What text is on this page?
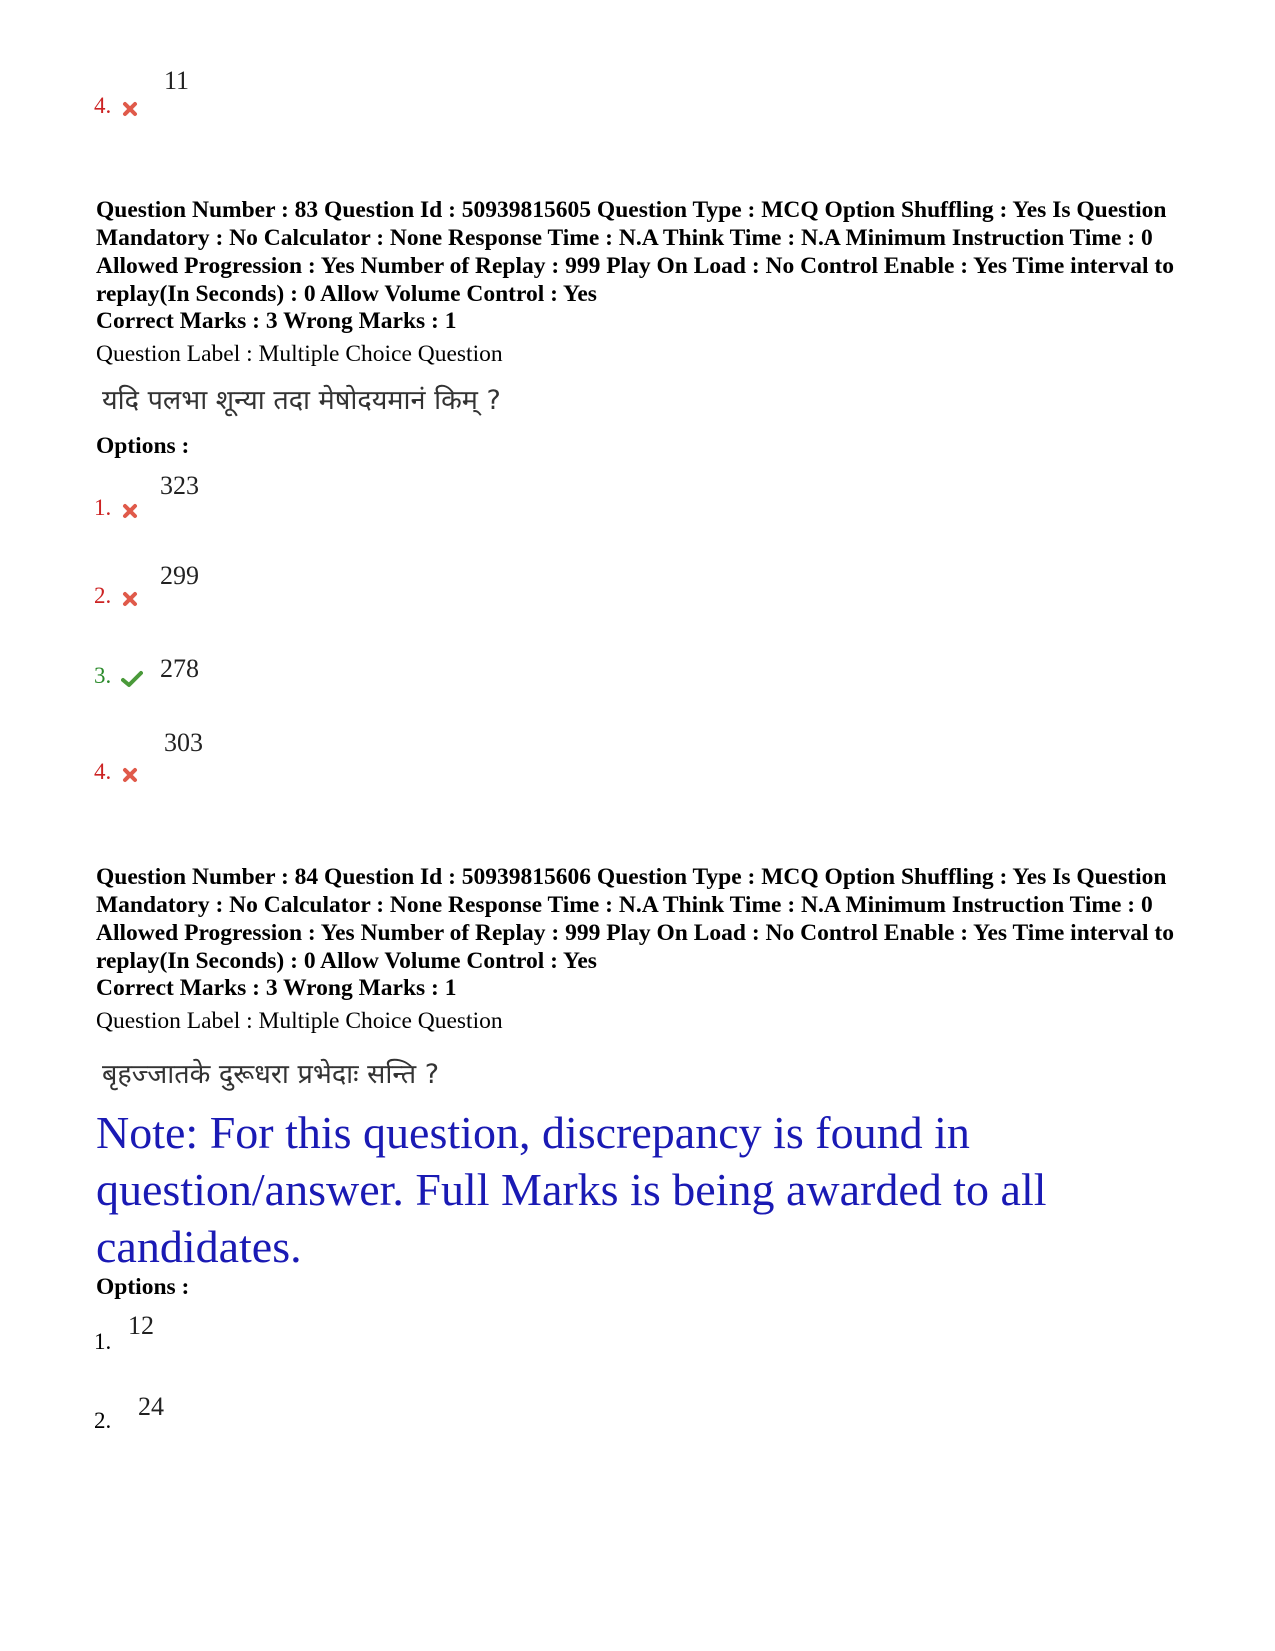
4.
11

Question Number : 83 Question Id : 50939815605 Question Type : MCQ Option Shuffling : Yes Is Question Mandatory : No Calculator : None Response Time : N.A Think Time : N.A Minimum Instruction Time : 0 Allowed Progression : Yes Number of Replay : 999 Play On Load : No Control Enable : Yes Time interval to replay(In Seconds) : 0 Allow Volume Control : Yes

Correct Marks : 3 Wrong Marks : 1
Question Label : Multiple Choice Question
यदि पलभा शून्या तदा मेषोदयमानं किम् ?
Options :
1.
323
2.
299
3.	278
4.
303

Question Number : 84 Question Id : 50939815606 Question Type : MCQ Option Shuffling : Yes Is Question Mandatory : No Calculator : None Response Time : N.A Think Time : N.A Minimum Instruction Time : 0 Allowed Progression : Yes Number of Replay : 999 Play On Load : No Control Enable : Yes Time interval to replay(In Seconds) : 0 Allow Volume Control : Yes

Correct Marks : 3 Wrong Marks : 1
Question Label : Multiple Choice Question
बृहज्जातके दुरूधरा प्रभेदाः सन्ति ?
Note: For this question, discrepancy is found in question/answer. Full Marks is being awarded to all candidates.
Options :
1.
12
2. 24
